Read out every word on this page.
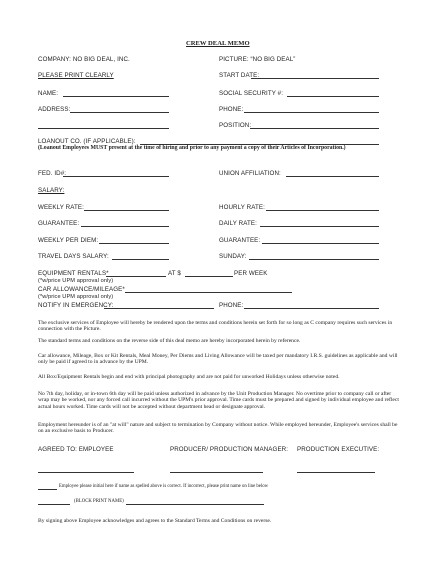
CREW DEAL MEMO
COMPANY: NO BIG DEAL, INC.	PICTURE: “NO BIG DEAL”
PLEASE PRINT CLEARLY	START DATE:
NAME:	SOCIAL SECURITY #:
ADDRESS:	PHONE:
POSITION:
LOANOUT CO. (IF APPLICABLE):
(Loanout Employees MUST present at the time of hiring and prior to any payment a copy of their Articles of Incorporation.)
FED. ID#:	UNION AFFILIATION:
SALARY:
WEEKLY RATE:	HOURLY RATE:
GUARANTEE:	DAILY RATE:
WEEKLY PER DIEM:	GUARANTEE:
TRAVEL DAYS SALARY:	SUNDAY:
EQUIPMENT RENTALS*	AT $	PER WEEK
(*w/price UPM approval only)
CAR ALLOWANCE/MILEAGE*
(*w/price UPM approval only)
NOTIFY IN EMERGENCY:	PHONE:
The exclusive services of Employee will hereby be rendered upon the terms and conditions herein set forth for so long as C company requires such services in connection with the Picture.
The standard terms and conditions on the reverse side of this deal memo are hereby incorporated herein by reference.
Car allowance, Mileage, Box or Kit Rentals, Meal Money, Per Diems and Living Allowance will be taxed per mandatory I.R.S. guidelines as applicable and will only be paid if agreed to in advance by the UPM.
All Box/Equipment Rentals begin and end with principal photography and are not paid for unworked Holidays unless otherwise noted.
No 7th day, holiday, or in-town 6th day will be paid unless authorized in advance by the Unit Production Manager. No overtime prior to company call or after wrap may be worked, nor any forced call incurred without the UPM's prior approval. Time cards must be prepared and signed by individual employee and reflect actual hours worked. Time cards will not be accepted without department head or designate approval.
Employment hereunder is of an "at will" nature and subject to termination by Company without notice. While employed hereunder, Employee's services shall be on an exclusive basis to Producer.
AGREED TO: EMPLOYEE	PRODUCER/ PRODUCTION MANAGER: PRODUCTION EXECUTIVE:
Employee please initial here if name as spelled above is correct. If incorrect, please print name on line below
(BLOCK PRINT NAME)
By signing above Employee acknowledges and agrees to the Standard Terms and Conditions on reverse.
